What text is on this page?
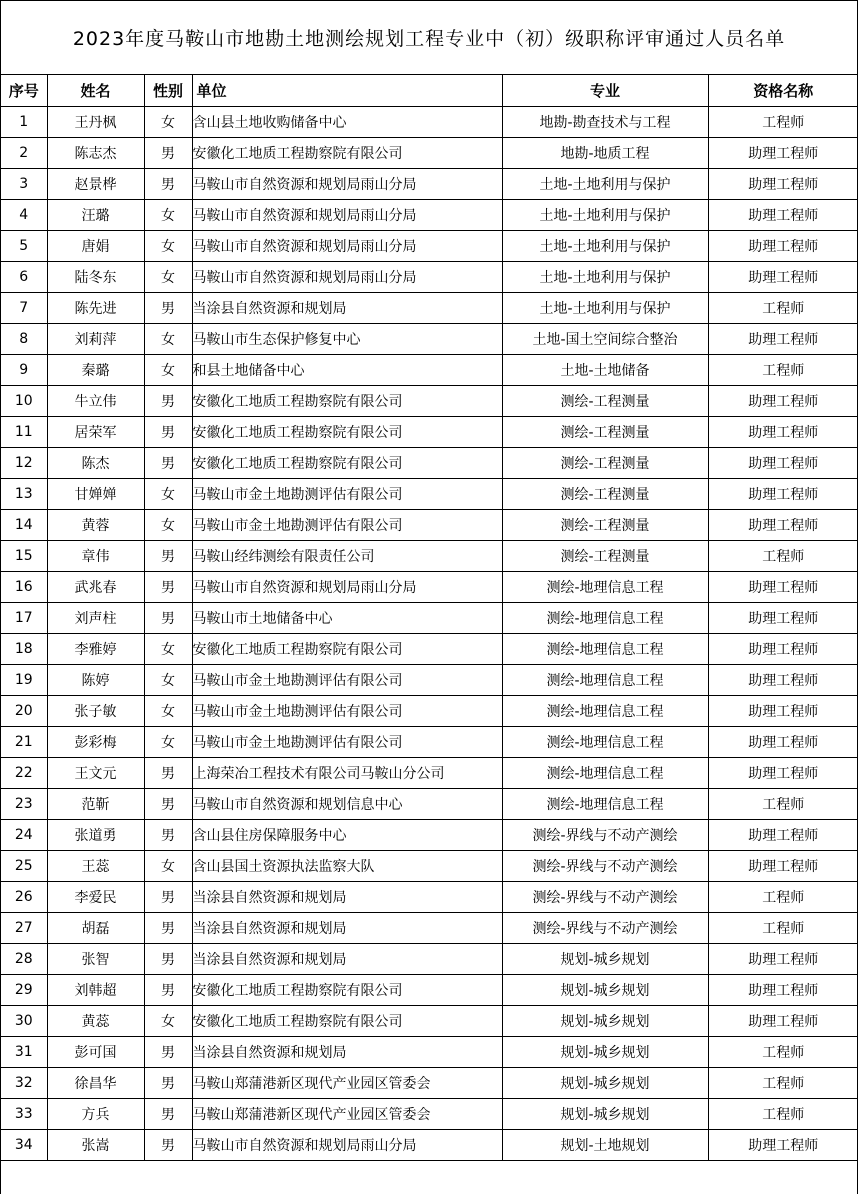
2023年度马鞍山市地勘土地测绘规划工程专业中（初）级职称评审通过人员名单
序号	姓名	性别	单位	专业	资格名称
1	王丹枫	女	含山县土地收购储备中心	地勘-勘查技术与工程	工程师
2	陈志杰	男	安徽化工地质工程勘察院有限公司	地勘-地质工程	助理工程师
3	赵景桦	男	马鞍山市自然资源和规划局雨山分局	土地-土地利用与保护	助理工程师
4	汪璐	女	马鞍山市自然资源和规划局雨山分局	土地-土地利用与保护	助理工程师
5	唐娟	女	马鞍山市自然资源和规划局雨山分局	土地-土地利用与保护	助理工程师
6	陆冬东	女	马鞍山市自然资源和规划局雨山分局	土地-土地利用与保护	助理工程师
7	陈先进	男	当涂县自然资源和规划局	土地-土地利用与保护	工程师
8	刘莉萍	女	马鞍山市生态保护修复中心	土地-国土空间综合整治	助理工程师
9	秦璐	女	和县土地储备中心	土地-土地储备	工程师
10	牛立伟	男	安徽化工地质工程勘察院有限公司	测绘-工程测量	助理工程师
11	居荣军	男	安徽化工地质工程勘察院有限公司	测绘-工程测量	助理工程师
12	陈杰	男	安徽化工地质工程勘察院有限公司	测绘-工程测量	助理工程师
13	甘婵婵	女	马鞍山市金土地勘测评估有限公司	测绘-工程测量	助理工程师
14	黄蓉	女	马鞍山市金土地勘测评估有限公司	测绘-工程测量	助理工程师
15	章伟	男	马鞍山经纬测绘有限责任公司	测绘-工程测量	工程师
16	武兆春	男	马鞍山市自然资源和规划局雨山分局	测绘-地理信息工程	助理工程师
17	刘声柱	男	马鞍山市土地储备中心	测绘-地理信息工程	助理工程师
18	李雅婷	女	安徽化工地质工程勘察院有限公司	测绘-地理信息工程	助理工程师
19	陈婷	女	马鞍山市金土地勘测评估有限公司	测绘-地理信息工程	助理工程师
20	张子敏	女	马鞍山市金土地勘测评估有限公司	测绘-地理信息工程	助理工程师
21	彭彩梅	女	马鞍山市金土地勘测评估有限公司	测绘-地理信息工程	助理工程师
22	王文元	男	上海荣冶工程技术有限公司马鞍山分公司	测绘-地理信息工程	助理工程师
23	范靳	男	马鞍山市自然资源和规划信息中心	测绘-地理信息工程	工程师
24	张道勇	男	含山县住房保障服务中心	测绘-界线与不动产测绘	助理工程师
25	王蕊	女	含山县国土资源执法监察大队	测绘-界线与不动产测绘	助理工程师
26	李爱民	男	当涂县自然资源和规划局	测绘-界线与不动产测绘	工程师
27	胡磊	男	当涂县自然资源和规划局	测绘-界线与不动产测绘	工程师
28	张智	男	当涂县自然资源和规划局	规划-城乡规划	助理工程师
29	刘韩超	男	安徽化工地质工程勘察院有限公司	规划-城乡规划	助理工程师
30	黄蕊	女	安徽化工地质工程勘察院有限公司	规划-城乡规划	助理工程师
31	彭可国	男	当涂县自然资源和规划局	规划-城乡规划	工程师
32	徐昌华	男	马鞍山郑蒲港新区现代产业园区管委会	规划-城乡规划	工程师
33	方兵	男	马鞍山郑蒲港新区现代产业园区管委会	规划-城乡规划	工程师
34	张嵩	男	马鞍山市自然资源和规划局雨山分局	规划-土地规划	助理工程师
